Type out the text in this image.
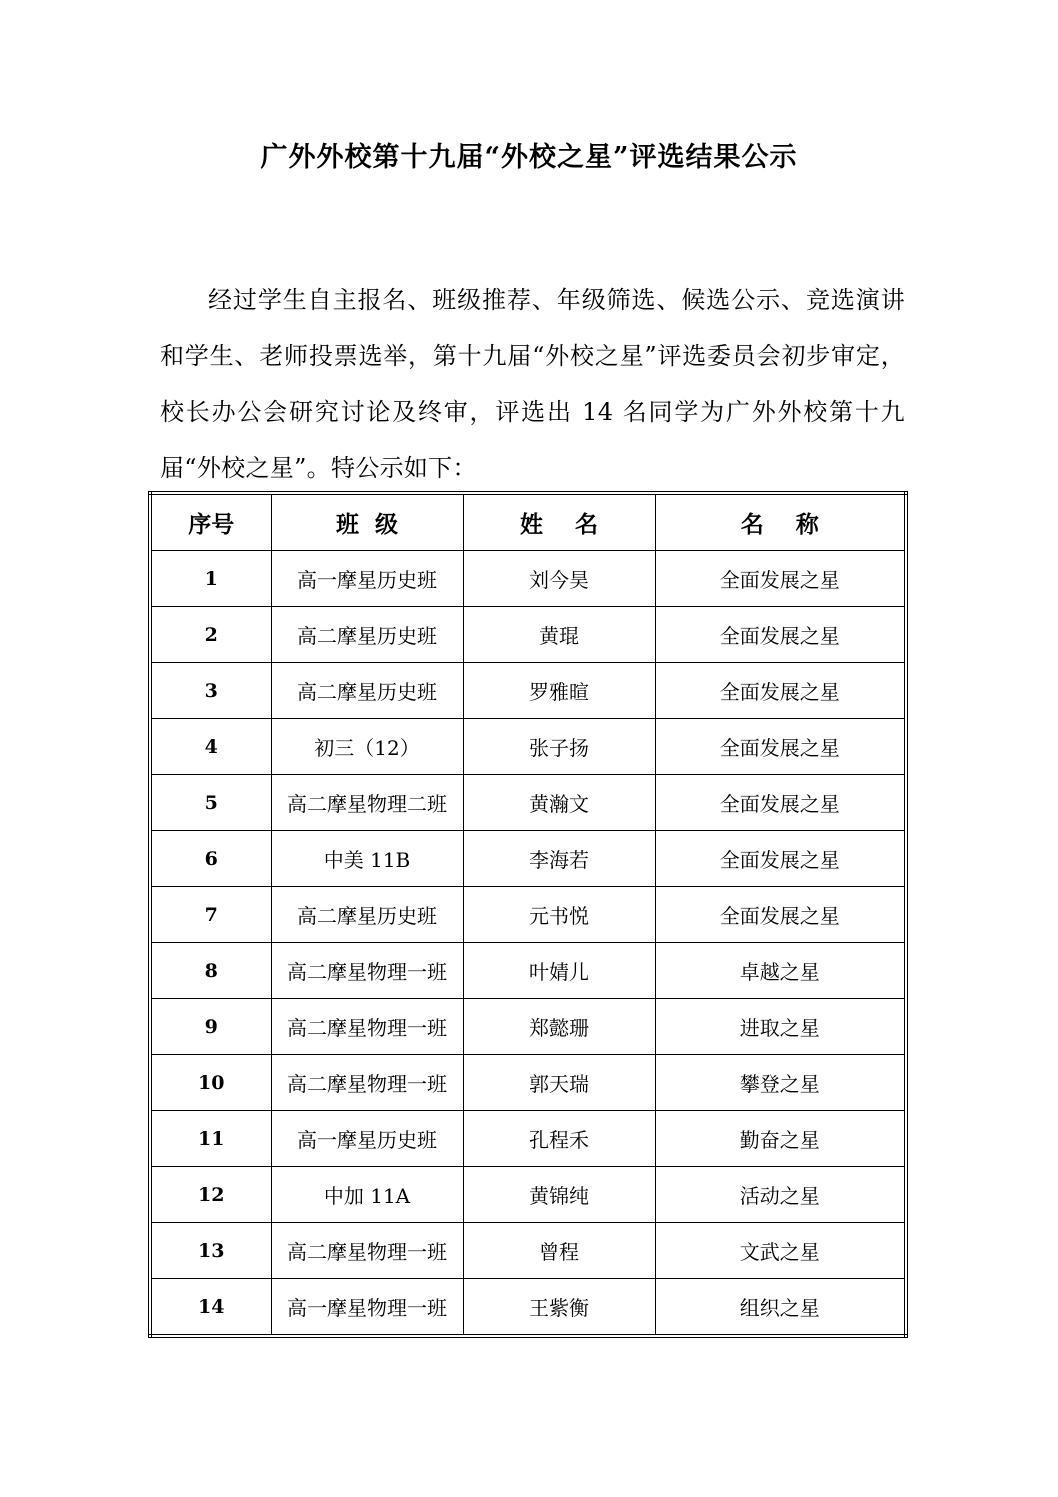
广外外校第十九届“外校之星”评选结果公示

经过学生自主报名、班级推荐、年级筛选、候选公示、竞选演讲和学生、老师投票选举，第十九届“外校之星”评选委员会初步审定，校长办公会研究讨论及终审，评选出 14 名同学为广外外校第十九届“外校之星”。特公示如下：

序号	班  级	姓    名	名    称
1	高一摩星历史班	刘今昊	全面发展之星
2	高二摩星历史班	黄琨	全面发展之星
3	高二摩星历史班	罗雅暄	全面发展之星
4	初三（12）	张子扬	全面发展之星
5	高二摩星物理二班	黄瀚文	全面发展之星
6	中美 11B	李海若	全面发展之星
7	高二摩星历史班	元书悦	全面发展之星
8	高二摩星物理一班	叶婧儿	卓越之星
9	高二摩星物理一班	郑懿珊	进取之星
10	高二摩星物理一班	郭天瑞	攀登之星
11	高一摩星历史班	孔程禾	勤奋之星
12	中加 11A	黄锦纯	活动之星
13	高二摩星物理一班	曾程	文武之星
14	高一摩星物理一班	王紫衡	组织之星
